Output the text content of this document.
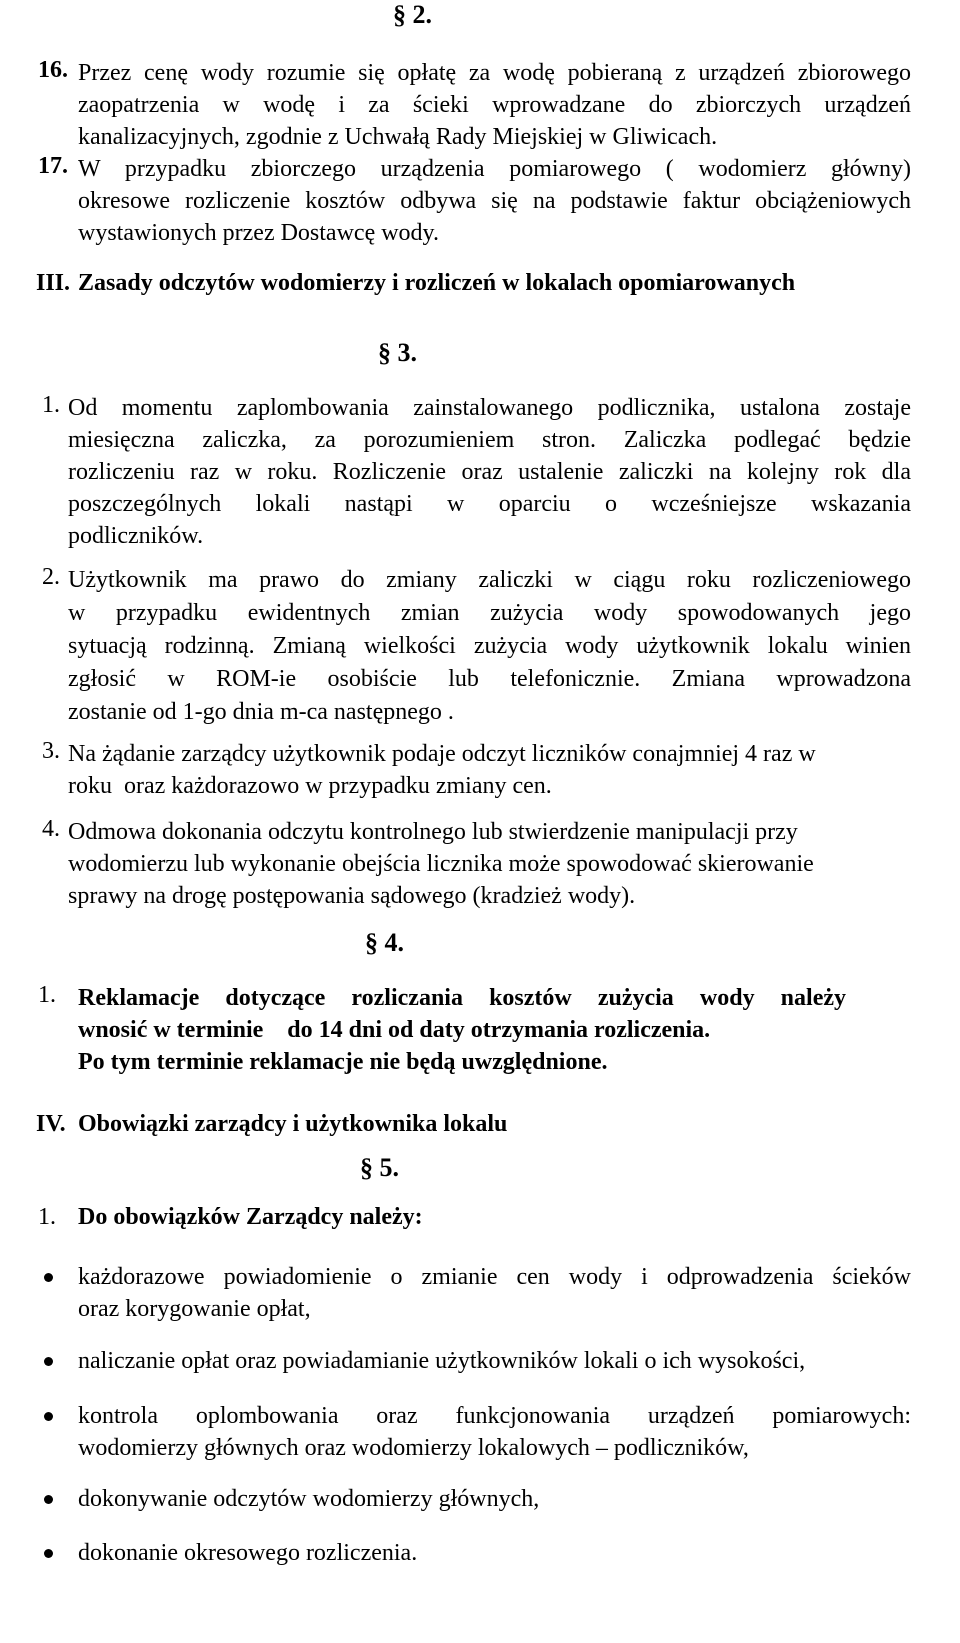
§ 2.
16. Przez cenę wody rozumie się opłatę za wodę pobieraną z urządzeń zbiorowego
zaopatrzenia w wodę i za ścieki wprowadzane do zbiorczych urządzeń
kanalizacyjnych, zgodnie z Uchwałą Rady Miejskiej w Gliwicach.
17. W przypadku zbiorczego urządzenia pomiarowego ( wodomierz główny)
okresowe rozliczenie kosztów odbywa się na podstawie faktur obciążeniowych
wystawionych przez Dostawcę wody.
III. Zasady odczytów wodomierzy i rozliczeń w lokalach opomiarowanych
§ 3.
1. Od momentu zaplombowania zainstalowanego podlicznika, ustalona zostaje
miesięczna zaliczka, za porozumieniem stron. Zaliczka podlegać będzie
rozliczeniu raz w roku. Rozliczenie oraz ustalenie zaliczki na kolejny rok dla
poszczególnych lokali nastąpi w oparciu o wcześniejsze wskazania
podliczników.
2. Użytkownik ma prawo do zmiany zaliczki w ciągu roku rozliczeniowego
w przypadku ewidentnych zmian zużycia wody spowodowanych jego
sytuacją rodzinną. Zmianą wielkości zużycia wody użytkownik lokalu winien
zgłosić w ROM-ie osobiście lub telefonicznie. Zmiana wprowadzona
zostanie od 1-go dnia m-ca następnego .
3. Na żądanie zarządcy użytkownik podaje odczyt liczników conajmniej 4 raz w
roku  oraz każdorazowo w przypadku zmiany cen.
4. Odmowa dokonania odczytu kontrolnego lub stwierdzenie manipulacji przy
wodomierzu lub wykonanie obejścia licznika może spowodować skierowanie
sprawy na drogę postępowania sądowego (kradzież wody).
§ 4.
1. Reklamacje dotyczące rozliczania kosztów zużycia wody należy
wnosić w terminie    do 14 dni od daty otrzymania rozliczenia.
Po tym terminie reklamacje nie będą uwzględnione.
IV. Obowiązki zarządcy i użytkownika lokalu
§ 5.
1. Do obowiązków Zarządcy należy:
każdorazowe powiadomienie o zmianie cen wody i odprowadzenia ścieków
oraz korygowanie opłat,
naliczanie opłat oraz powiadamianie użytkowników lokali o ich wysokości,
kontrola oplombowania oraz funkcjonowania urządzeń pomiarowych:
wodomierzy głównych oraz wodomierzy lokalowych – podliczników,
dokonywanie odczytów wodomierzy głównych,
dokonanie okresowego rozliczenia.
